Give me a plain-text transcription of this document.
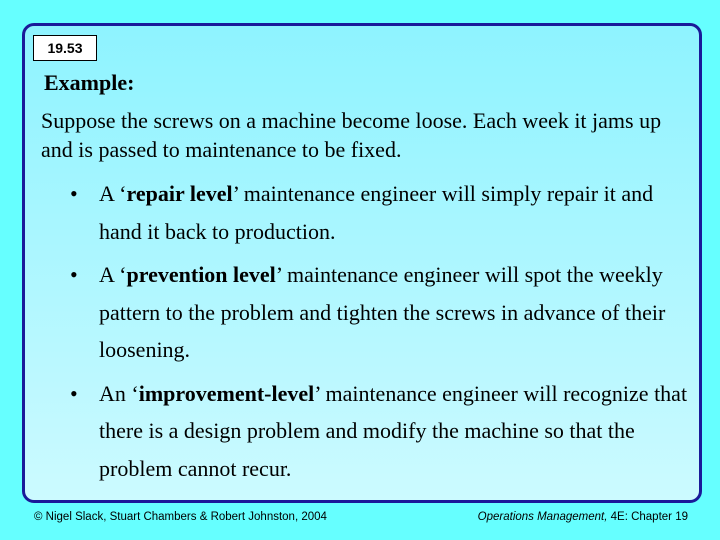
19.53
Example:
Suppose the screws on a machine become loose. Each week it jams up and is passed to maintenance to be fixed.
• A ‘repair level’ maintenance engineer will simply repair it and hand it back to production.
• A ‘prevention level’ maintenance engineer will spot the weekly pattern to the problem and tighten the screws in advance of their loosening.
• An ‘improvement-level’ maintenance engineer will recognize that there is a design problem and modify the machine so that the problem cannot recur.
© Nigel Slack, Stuart Chambers & Robert Johnston, 2004	Operations Management, 4E: Chapter 19
